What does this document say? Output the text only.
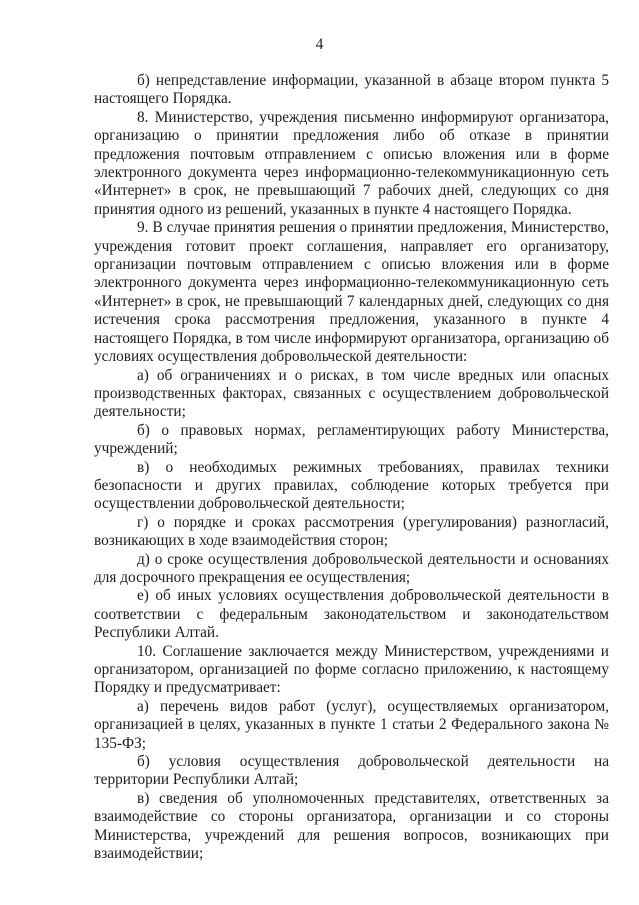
4

б) непредставление информации, указанной в абзаце втором пункта 5 настоящего Порядка.

8. Министерство, учреждения письменно информируют организатора, организацию о принятии предложения либо об отказе в принятии предложения почтовым отправлением с описью вложения или в форме электронного документа через информационно-телекоммуникационную сеть «Интернет» в срок, не превышающий 7 рабочих дней, следующих со дня принятия одного из решений, указанных в пункте 4 настоящего Порядка.

9. В случае принятия решения о принятии предложения, Министерство, учреждения готовит проект соглашения, направляет его организатору, организации почтовым отправлением с описью вложения или в форме электронного документа через информационно-телекоммуникационную сеть «Интернет» в срок, не превышающий 7 календарных дней, следующих со дня истечения срока рассмотрения предложения, указанного в пункте 4 настоящего Порядка, в том числе информируют организатора, организацию об условиях осуществления добровольческой деятельности:

а) об ограничениях и о рисках, в том числе вредных или опасных производственных факторах, связанных с осуществлением добровольческой деятельности;

б) о правовых нормах, регламентирующих работу Министерства, учреждений;

в) о необходимых режимных требованиях, правилах техники безопасности и других правилах, соблюдение которых требуется при осуществлении добровольческой деятельности;

г) о порядке и сроках рассмотрения (урегулирования) разногласий, возникающих в ходе взаимодействия сторон;

д) о сроке осуществления добровольческой деятельности и основаниях для досрочного прекращения ее осуществления;

е) об иных условиях осуществления добровольческой деятельности в соответствии с федеральным законодательством и законодательством Республики Алтай.

10. Соглашение заключается между Министерством, учреждениями и организатором, организацией по форме согласно приложению, к настоящему Порядку и предусматривает:

а) перечень видов работ (услуг), осуществляемых организатором, организацией в целях, указанных в пункте 1 статьи 2 Федерального закона № 135-ФЗ;

б) условия осуществления добровольческой деятельности на территории Республики Алтай;

в) сведения об уполномоченных представителях, ответственных за взаимодействие со стороны организатора, организации и со стороны Министерства, учреждений для решения вопросов, возникающих при взаимодействии;
